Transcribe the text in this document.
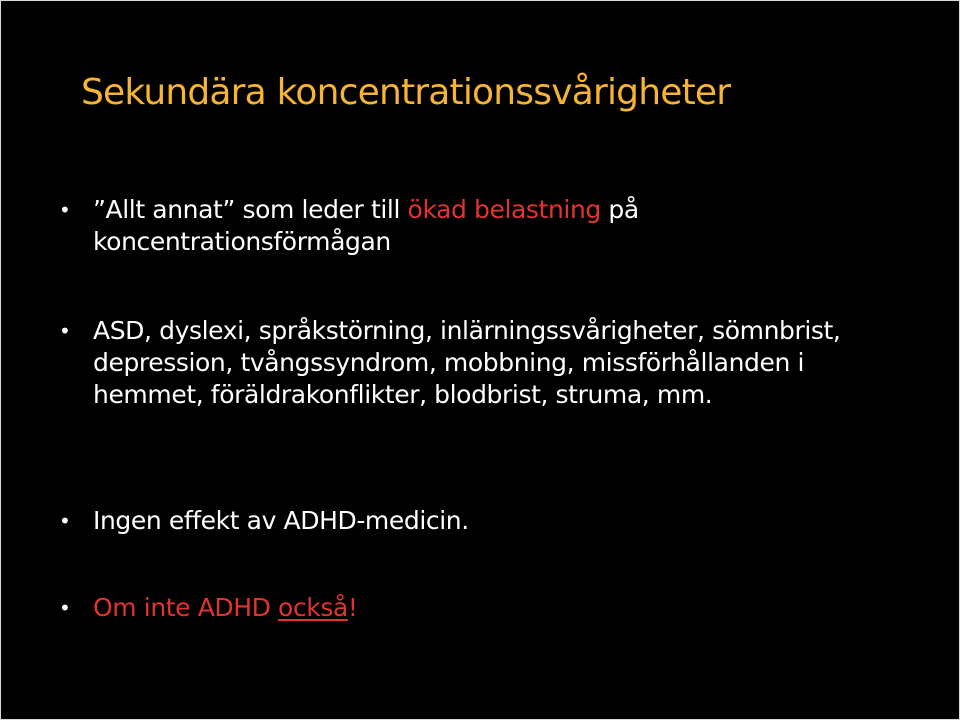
Sekundära koncentrationssvårigheter
• ”Allt annat” som leder till ökad belastning på koncentrationsförmågan
• ASD, dyslexi, språkstörning, inlärningssvårigheter, sömnbrist, depression, tvångssyndrom, mobbning, missförhållanden i hemmet, föräldrakonflikter, blodbrist, struma, mm.
• Ingen effekt av ADHD-medicin.
• Om inte ADHD också!
